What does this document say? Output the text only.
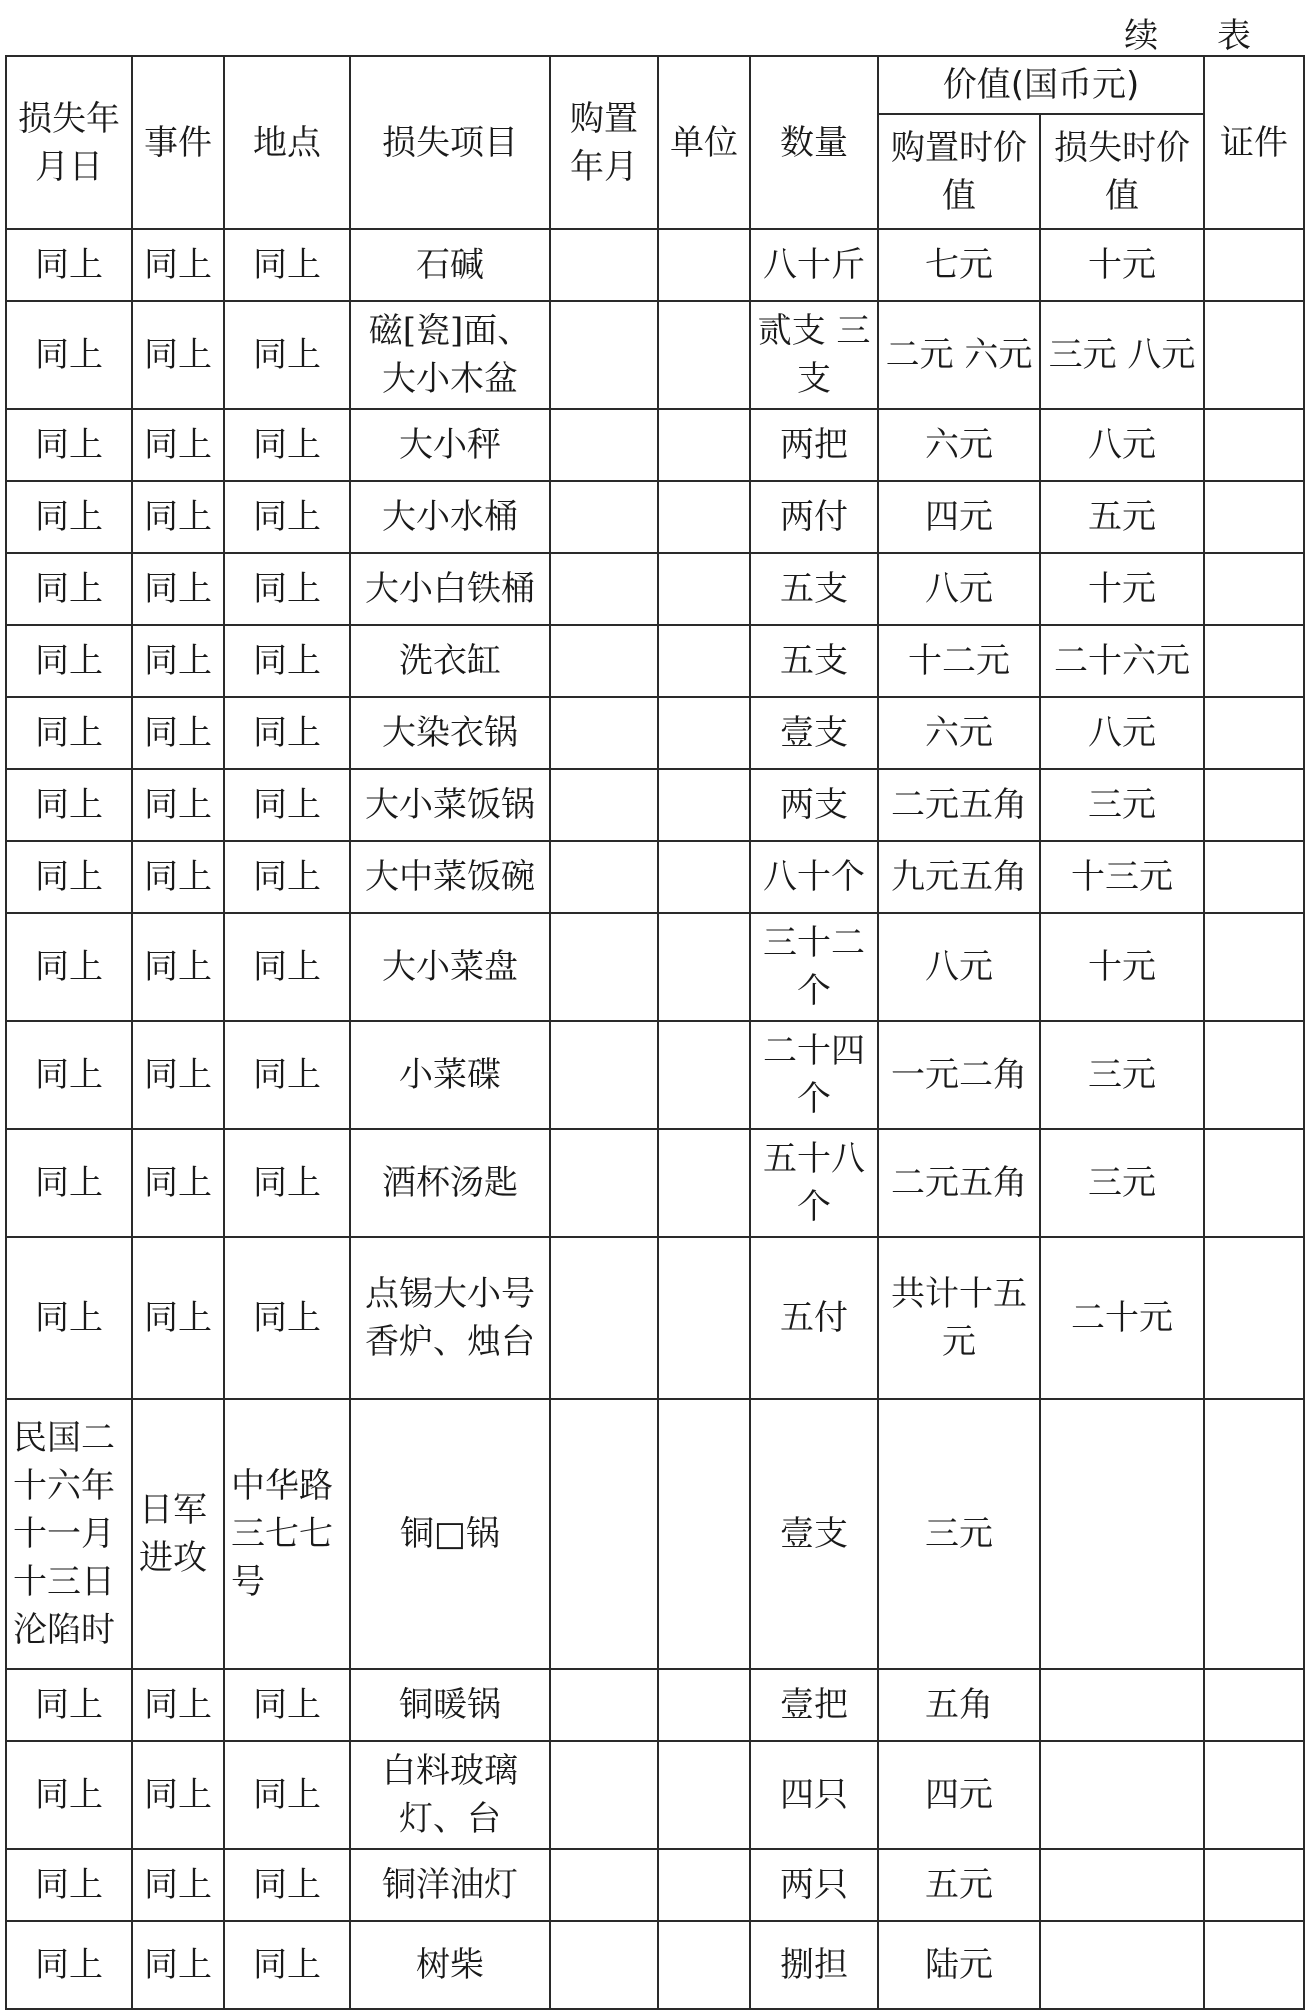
续 表
损失年月日	事件	地点	损失项目	购置年月	单位	数量	价值(国币元)		证件
							购置时价值	损失时价值	
同上	同上	同上	石碱			八十斤	七元	十元	
同上	同上	同上	磁[瓷]面、大小木盆			贰支 三支	二元 六元	三元 八元	
同上	同上	同上	大小秤			两把	六元	八元	
同上	同上	同上	大小水桶			两付	四元	五元	
同上	同上	同上	大小白铁桶			五支	八元	十元	
同上	同上	同上	洗衣缸			五支	十二元	二十六元	
同上	同上	同上	大染衣锅			壹支	六元	八元	
同上	同上	同上	大小菜饭锅			两支	二元五角	三元	
同上	同上	同上	大中菜饭碗			八十个	九元五角	十三元	
同上	同上	同上	大小菜盘			三十二个	八元	十元	
同上	同上	同上	小菜碟			二十四个	一元二角	三元	
同上	同上	同上	酒杯汤匙			五十八个	二元五角	三元	
同上	同上	同上	点锡大小号香炉、烛台			五付	共计十五元	二十元	
民国二十六年十一月十三日沦陷时	日军进攻	中华路三七七号	铜□锅			壹支	三元		
同上	同上	同上	铜暖锅			壹把	五角		
同上	同上	同上	白料玻璃灯、台			四只	四元		
同上	同上	同上	铜洋油灯			两只	五元		
同上	同上	同上	树柴			捌担	陆元		
